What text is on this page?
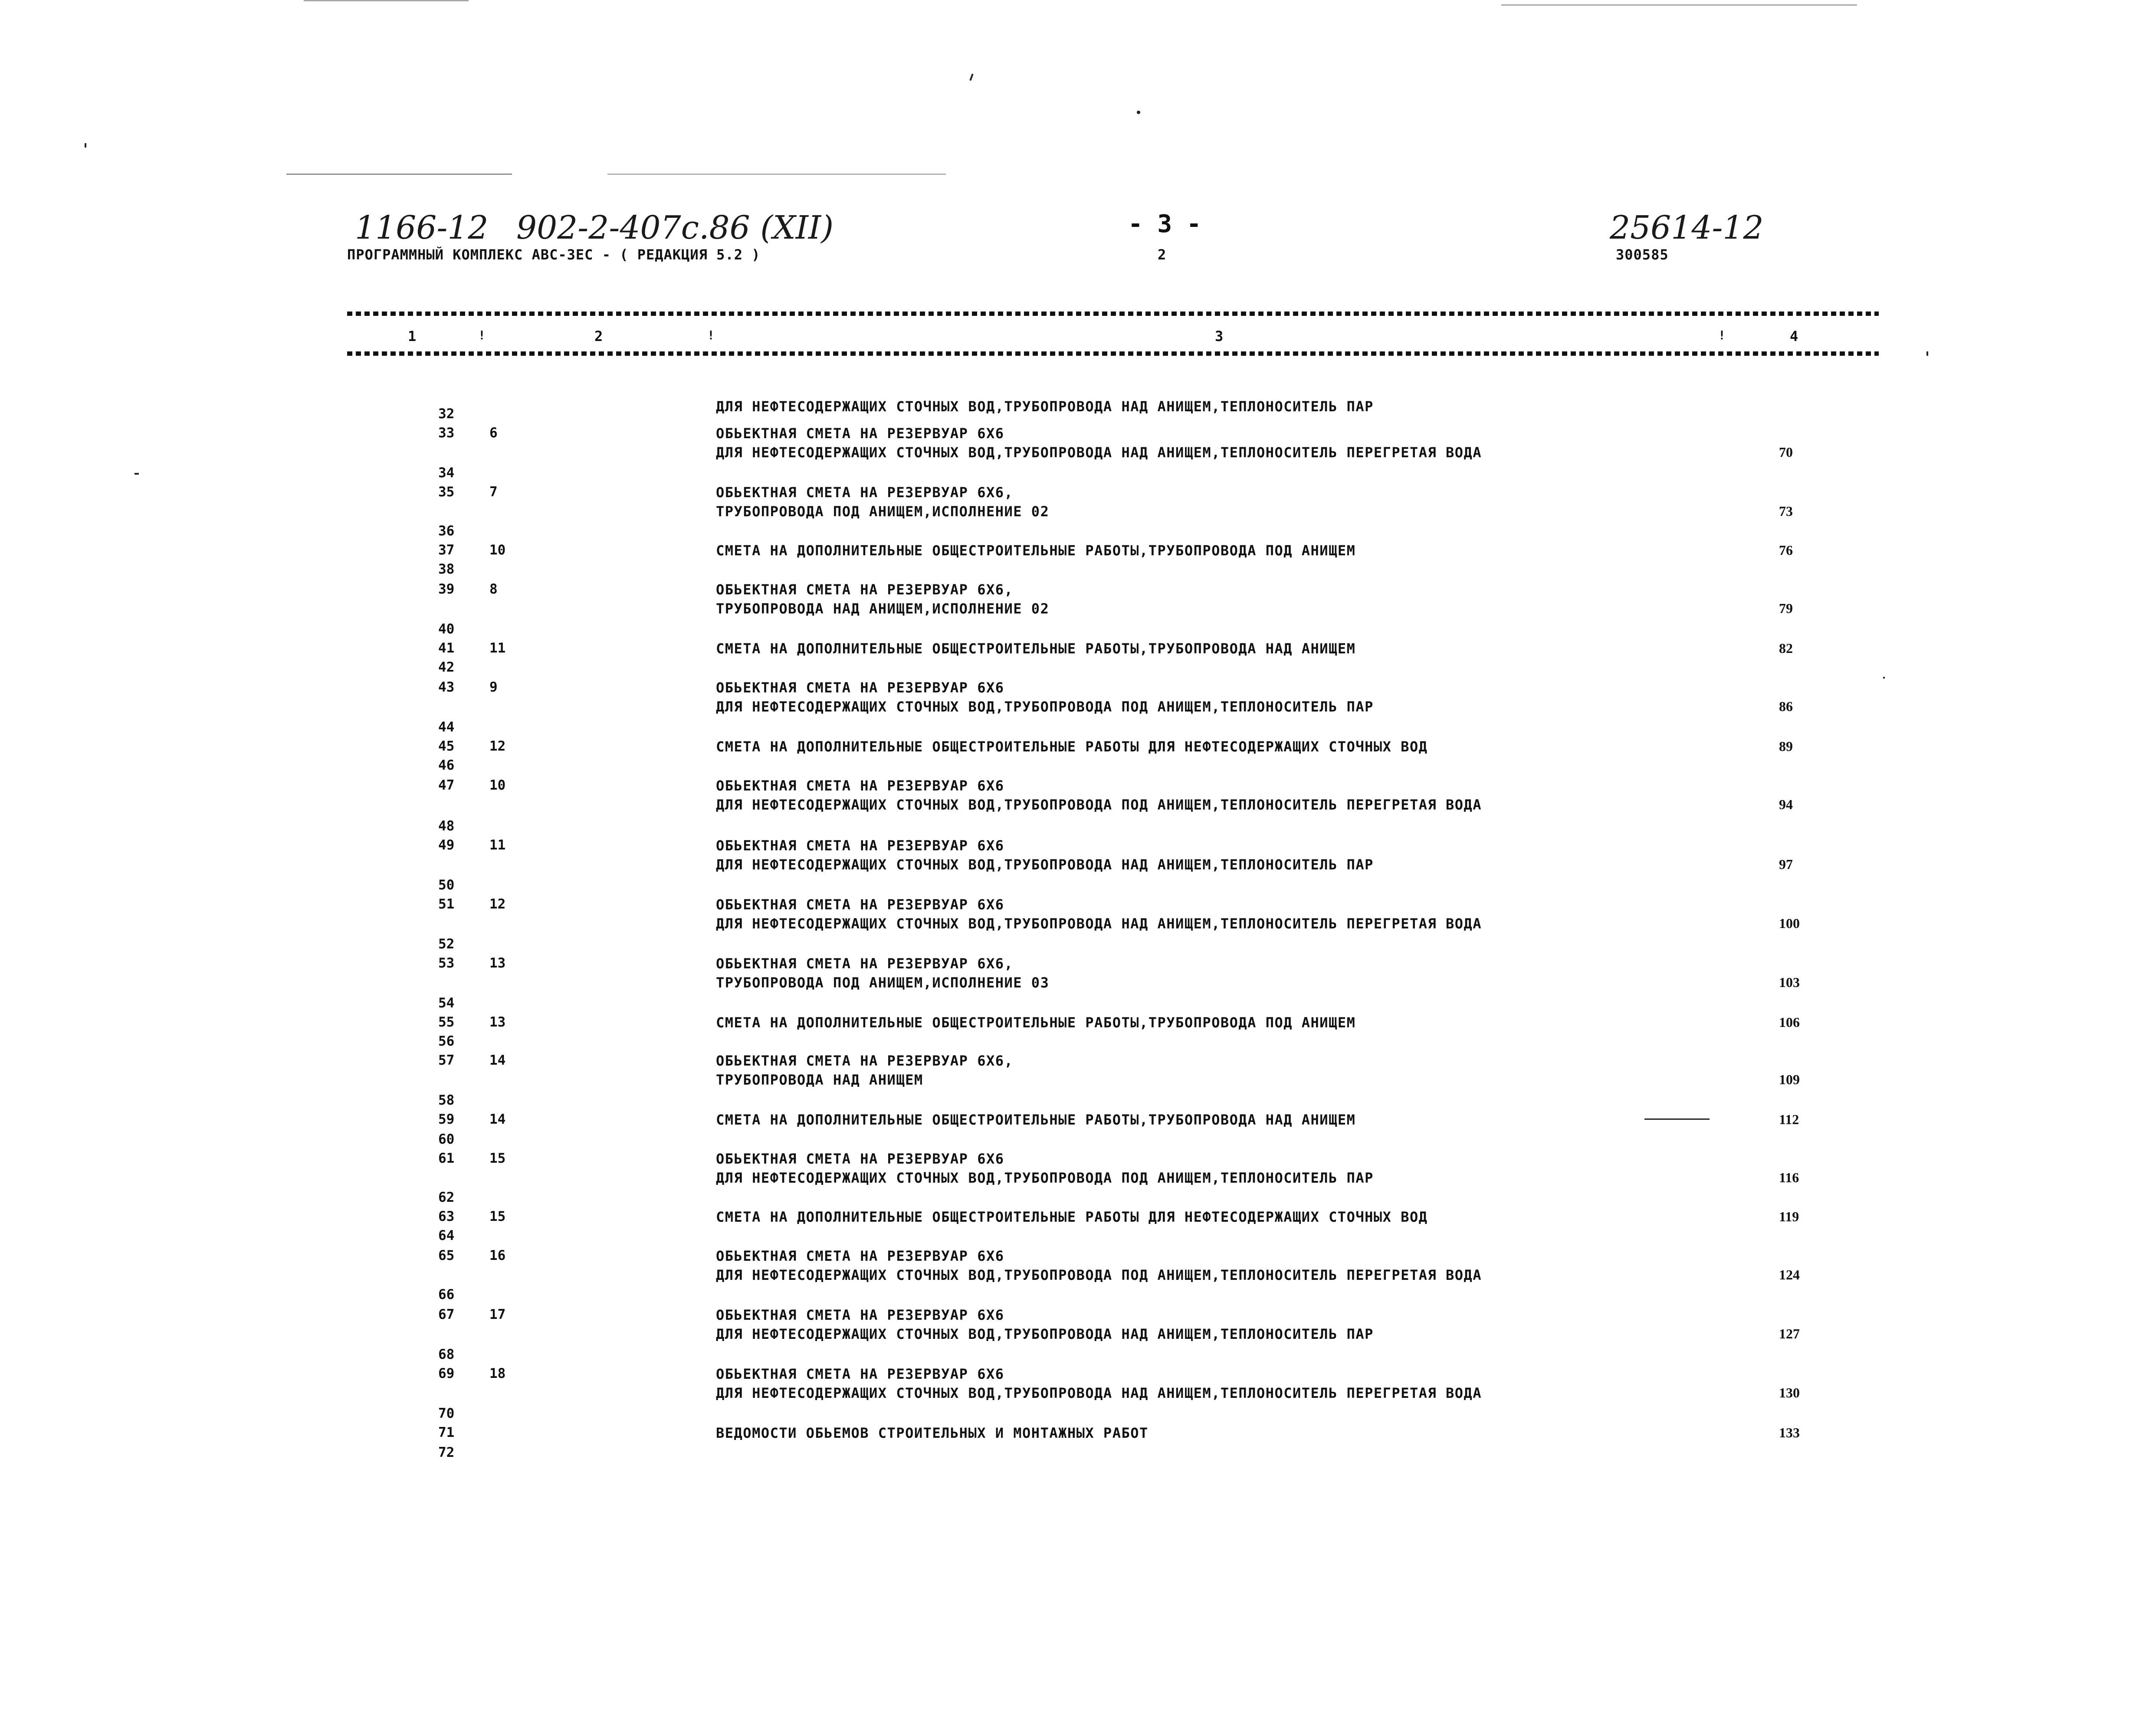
1166-12 902-2-407с.86 (XII)	- 3 -	25614-12
ПРОГРАММНЫЙ КОМПЛЕКС АВС-ЗЕС - ( РЕДАКЦИЯ 5.2 )	2	300585
1	!	2	!	3	!	4
ДЛЯ НЕФТЕСОДЕРЖАЩИХ СТОЧНЫХ ВОД,ТРУБОПРОВОДА НАД АНИЩЕМ,ТЕПЛОНОСИТЕЛЬ ПАР
32
33	6	ОБЬЕКТНАЯ СМЕТА НА РЕЗЕРВУАР 6Х6
ДЛЯ НЕФТЕСОДЕРЖАЩИХ СТОЧНЫХ ВОД,ТРУБОПРОВОДА НАД АНИЩЕМ,ТЕПЛОНОСИТЕЛЬ ПЕРЕГРЕТАЯ ВОДА	70
34
35	7	ОБЬЕКТНАЯ СМЕТА НА РЕЗЕРВУАР 6Х6,
ТРУБОПРОВОДА ПОД АНИЩЕМ,ИСПОЛНЕНИЕ 02	73
36
37	10	СМЕТА НА ДОПОЛНИТЕЛЬНЫЕ ОБЩЕСТРОИТЕЛЬНЫЕ РАБОТЫ,ТРУБОПРОВОДА ПОД АНИЩЕМ	76
38
39	8	ОБЬЕКТНАЯ СМЕТА НА РЕЗЕРВУАР 6Х6,
ТРУБОПРОВОДА НАД АНИЩЕМ,ИСПОЛНЕНИЕ 02	79
40
41	11	СМЕТА НА ДОПОЛНИТЕЛЬНЫЕ ОБЩЕСТРОИТЕЛЬНЫЕ РАБОТЫ,ТРУБОПРОВОДА НАД АНИЩЕМ	82
42
43	9	ОБЬЕКТНАЯ СМЕТА НА РЕЗЕРВУАР 6Х6
ДЛЯ НЕФТЕСОДЕРЖАЩИХ СТОЧНЫХ ВОД,ТРУБОПРОВОДА ПОД АНИЩЕМ,ТЕПЛОНОСИТЕЛЬ ПАР	86
44
45	12	СМЕТА НА ДОПОЛНИТЕЛЬНЫЕ ОБЩЕСТРОИТЕЛЬНЫЕ РАБОТЫ ДЛЯ НЕФТЕСОДЕРЖАЩИХ СТОЧНЫХ ВОД	89
46
47	10	ОБЬЕКТНАЯ СМЕТА НА РЕЗЕРВУАР 6Х6
ДЛЯ НЕФТЕСОДЕРЖАЩИХ СТОЧНЫХ ВОД,ТРУБОПРОВОДА ПОД АНИЩЕМ,ТЕПЛОНОСИТЕЛЬ ПЕРЕГРЕТАЯ ВОДА	94
48
49	11	ОБЬЕКТНАЯ СМЕТА НА РЕЗЕРВУАР 6Х6
ДЛЯ НЕФТЕСОДЕРЖАЩИХ СТОЧНЫХ ВОД,ТРУБОПРОВОДА НАД АНИЩЕМ,ТЕПЛОНОСИТЕЛЬ ПАР	97
50
51	12	ОБЬЕКТНАЯ СМЕТА НА РЕЗЕРВУАР 6Х6
ДЛЯ НЕФТЕСОДЕРЖАЩИХ СТОЧНЫХ ВОД,ТРУБОПРОВОДА НАД АНИЩЕМ,ТЕПЛОНОСИТЕЛЬ ПЕРЕГРЕТАЯ ВОДА	100
52
53	13	ОБЬЕКТНАЯ СМЕТА НА РЕЗЕРВУАР 6Х6,
ТРУБОПРОВОДА ПОД АНИЩЕМ,ИСПОЛНЕНИЕ 03	103
54
55	13	СМЕТА НА ДОПОЛНИТЕЛЬНЫЕ ОБЩЕСТРОИТЕЛЬНЫЕ РАБОТЫ,ТРУБОПРОВОДА ПОД АНИЩЕМ	106
56
57	14	ОБЬЕКТНАЯ СМЕТА НА РЕЗЕРВУАР 6Х6,
ТРУБОПРОВОДА НАД АНИЩЕМ	109
58
59	14	СМЕТА НА ДОПОЛНИТЕЛЬНЫЕ ОБЩЕСТРОИТЕЛЬНЫЕ РАБОТЫ,ТРУБОПРОВОДА НАД АНИЩЕМ	112
60
61	15	ОБЬЕКТНАЯ СМЕТА НА РЕЗЕРВУАР 6Х6
ДЛЯ НЕФТЕСОДЕРЖАЩИХ СТОЧНЫХ ВОД,ТРУБОПРОВОДА ПОД АНИЩЕМ,ТЕПЛОНОСИТЕЛЬ ПАР	116
62
63	15	СМЕТА НА ДОПОЛНИТЕЛЬНЫЕ ОБЩЕСТРОИТЕЛЬНЫЕ РАБОТЫ ДЛЯ НЕФТЕСОДЕРЖАЩИХ СТОЧНЫХ ВОД	119
64
65	16	ОБЬЕКТНАЯ СМЕТА НА РЕЗЕРВУАР 6Х6
ДЛЯ НЕФТЕСОДЕРЖАЩИХ СТОЧНЫХ ВОД,ТРУБОПРОВОДА ПОД АНИЩЕМ,ТЕПЛОНОСИТЕЛЬ ПЕРЕГРЕТАЯ ВОДА	124
66
67	17	ОБЬЕКТНАЯ СМЕТА НА РЕЗЕРВУАР 6Х6
ДЛЯ НЕФТЕСОДЕРЖАЩИХ СТОЧНЫХ ВОД,ТРУБОПРОВОДА НАД АНИЩЕМ,ТЕПЛОНОСИТЕЛЬ ПАР	127
68
69	18	ОБЬЕКТНАЯ СМЕТА НА РЕЗЕРВУАР 6Х6
ДЛЯ НЕФТЕСОДЕРЖАЩИХ СТОЧНЫХ ВОД,ТРУБОПРОВОДА НАД АНИЩЕМ,ТЕПЛОНОСИТЕЛЬ ПЕРЕГРЕТАЯ ВОДА	130
70
71	ВЕДОМОСТИ ОБЬЕМОВ СТРОИТЕЛЬНЫХ И МОНТАЖНЫХ РАБОТ	133
72
